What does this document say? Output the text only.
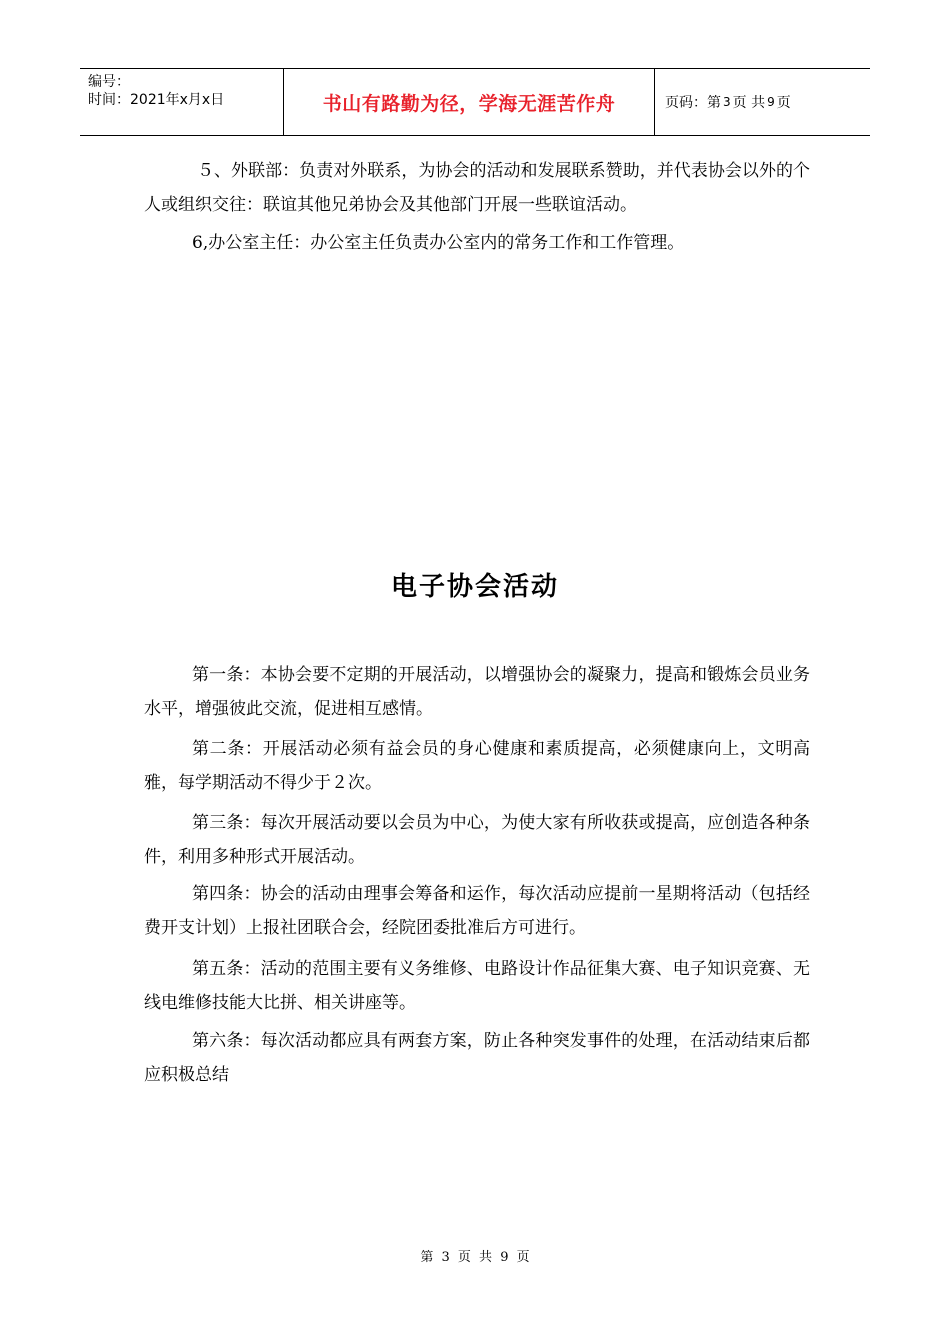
编号：
时间：2021年x月x日	书山有路勤为径，学海无涯苦作舟	页码：第 3 页 共 9 页
５、外联部：负责对外联系，为协会的活动和发展联系赞助，并代表协会以外的个人或组织交往：联谊其他兄弟协会及其他部门开展一些联谊活动。
6,办公室主任：办公室主任负责办公室内的常务工作和工作管理。
电子协会活动
第一条：本协会要不定期的开展活动，以增强协会的凝聚力，提高和锻炼会员业务水平，增强彼此交流，促进相互感情。
第二条：开展活动必须有益会员的身心健康和素质提高，必须健康向上，文明高雅，每学期活动不得少于２次。
第三条：每次开展活动要以会员为中心，为使大家有所收获或提高，应创造各种条件，利用多种形式开展活动。
第四条：协会的活动由理事会筹备和运作，每次活动应提前一星期将活动（包括经费开支计划）上报社团联合会，经院团委批准后方可进行。
第五条：活动的范围主要有义务维修、电路设计作品征集大赛、电子知识竞赛、无线电维修技能大比拼、相关讲座等。
第六条：每次活动都应具有两套方案，防止各种突发事件的处理，在活动结束后都应积极总结
第 3 页 共 9 页
